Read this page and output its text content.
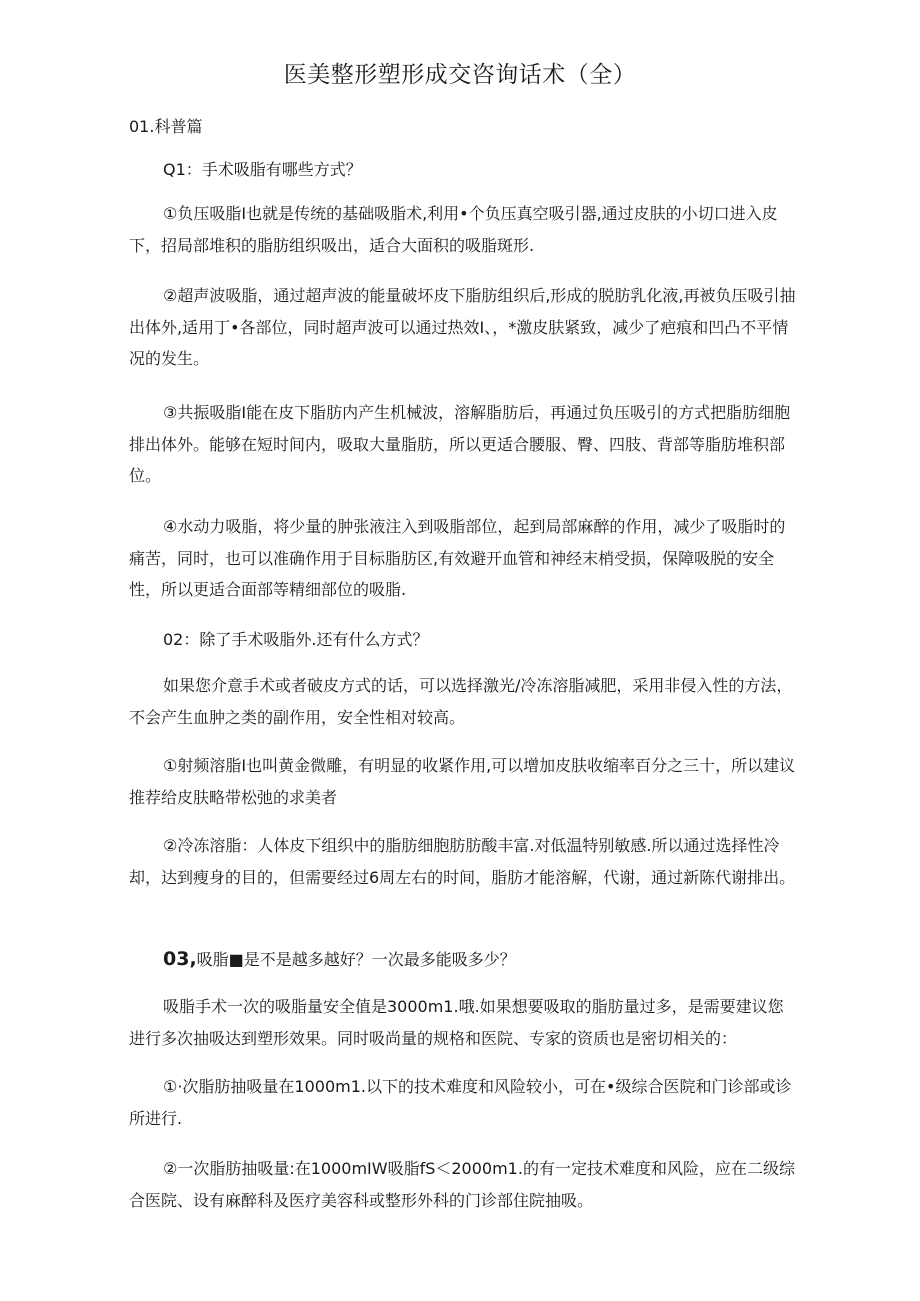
医美整形塑形成交咨询话术（全）
01.科普篇
Q1：手术吸脂有哪些方式？
①负压吸脂I也就是传统的基础吸脂术,利用•个负压真空吸引器,通过皮肤的小切口进入皮下，招局部堆积的脂肪组织吸出，适合大面积的吸脂斑形.
②超声波吸脂，通过超声波的能量破坏皮下脂肪组织后,形成的脱肪乳化液,再被负压吸引抽出体外,适用丁•各部位，同时超声波可以通过热效I、，*激皮肤紧致，减少了疤痕和凹凸不平情况的发生。
③共振吸脂I能在皮下脂肪内产生机械波，溶解脂肪后，再通过负压吸引的方式把脂肪细胞排出体外。能够在短时间内，吸取大量脂肪，所以更适合腰服、臀、四肢、背部等脂肪堆积部位。
④水动力吸脂，将少量的肿张液注入到吸脂部位，起到局部麻醉的作用，减少了吸脂时的痛苦，同时，也可以准确作用于目标脂肪区,有效避开血管和神经末梢受损，保障吸脱的安全性，所以更适合面部等精细部位的吸脂.
02：除了手术吸脂外.还有什么方式？
如果您介意手术或者破皮方式的话，可以选择激光/冷冻溶脂减肥，采用非侵入性的方法，不会产生血肿之类的副作用，安全性相对较高。
①射频溶脂I也叫黄金微雕，有明显的收紧作用,可以增加皮肤收缩率百分之三十，所以建议推荐给皮肤略带松弛的求美者
②冷冻溶脂：人体皮下组织中的脂肪细胞肪肪酸丰富.对低温特别敏感.所以通过选择性冷却，达到瘦身的目的，但需要经过6周左右的时间，脂肪才能溶解，代谢，通过新陈代谢排出。
03,吸脂■是不是越多越好？一次最多能吸多少？
吸脂手术一次的吸脂量安全值是3000m1.哦.如果想要吸取的脂肪量过多，是需要建议您进行多次抽吸达到塑形效果。同时吸尚量的规格和医院、专家的资质也是密切相关的：
①·次脂肪抽吸量在1000m1.以下的技术难度和风险较小，可在•级综合医院和门诊部或诊所进行.
②一次脂肪抽吸量:在1000mIW吸脂fS＜2000m1.的有一定技术难度和风险，应在二级综合医院、设有麻醉科及医疗美容科或整形外科的门诊部住院抽吸。
